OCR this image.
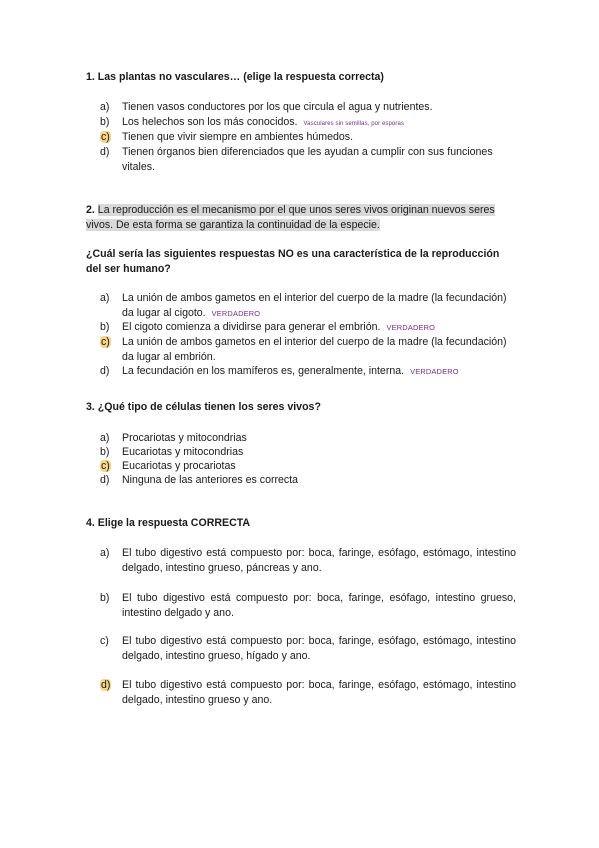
1. Las plantas no vasculares… (elige la respuesta correcta)
a)	Tienen vasos conductores por los que circula el agua y nutrientes.
b)	Los helechos son los más conocidos. Vasculares sin semillas, por esporas
c)	Tienen que vivir siempre en ambientes húmedos.
d)	Tienen órganos bien diferenciados que les ayudan a cumplir con sus funciones vitales.
2. La reproducción es el mecanismo por el que unos seres vivos originan nuevos seres vivos. De esta forma se garantiza la continuidad de la especie.
¿Cuál sería las siguientes respuestas NO es una característica de la reproducción del ser humano?
a)	La unión de ambos gametos en el interior del cuerpo de la madre (la fecundación) da lugar al cigoto. VERDADERO
b)	El cigoto comienza a dividirse para generar el embrión. VERDADERO
c)	La unión de ambos gametos en el interior del cuerpo de la madre (la fecundación) da lugar al embrión.
d)	La fecundación en los mamíferos es, generalmente, interna. VERDADERO
3. ¿Qué tipo de células tienen los seres vivos?
a)	Procariotas y mitocondrias
b)	Eucariotas y mitocondrias
c)	Eucariotas y procariotas
d)	Ninguna de las anteriores es correcta
4. Elige la respuesta CORRECTA
a)	El tubo digestivo está compuesto por: boca, faringe, esófago, estómago, intestino delgado, intestino grueso, páncreas y ano.
b)	El tubo digestivo está compuesto por: boca, faringe, esófago, intestino grueso, intestino delgado y ano.
c)	El tubo digestivo está compuesto por: boca, faringe, esófago, estómago, intestino delgado, intestino grueso, hígado y ano.
d)	El tubo digestivo está compuesto por: boca, faringe, esófago, estómago, intestino delgado, intestino grueso y ano.
